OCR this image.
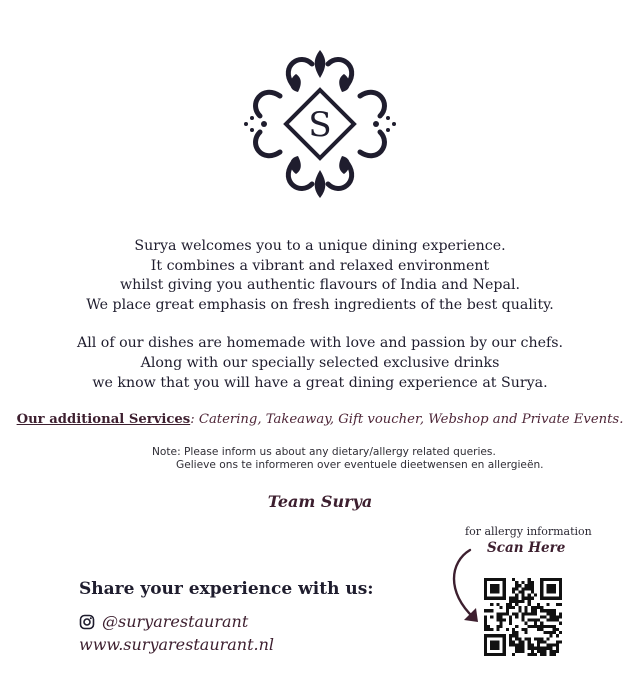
S

Surya welcomes you to a unique dining experience.

It combines a vibrant and relaxed environment

whilst giving you authentic flavours of India and Nepal.

We place great emphasis on fresh ingredients of the best quality.

All of our dishes are homemade with love and passion by our chefs.

Along with our specially selected exclusive drinks

we know that you will have a great dining experience at Surya.

Our additional Services: Catering, Takeaway, Gift voucher, Webshop and Private Events.
Note: Please inform us about any dietary/allergy related queries.
Gelieve ons te informeren over eventuele dieetwensen en allergieën.
Team Surya
for allergy information
Scan Here
Share your experience with us:
@suryarestaurant
www.suryarestaurant.nl
